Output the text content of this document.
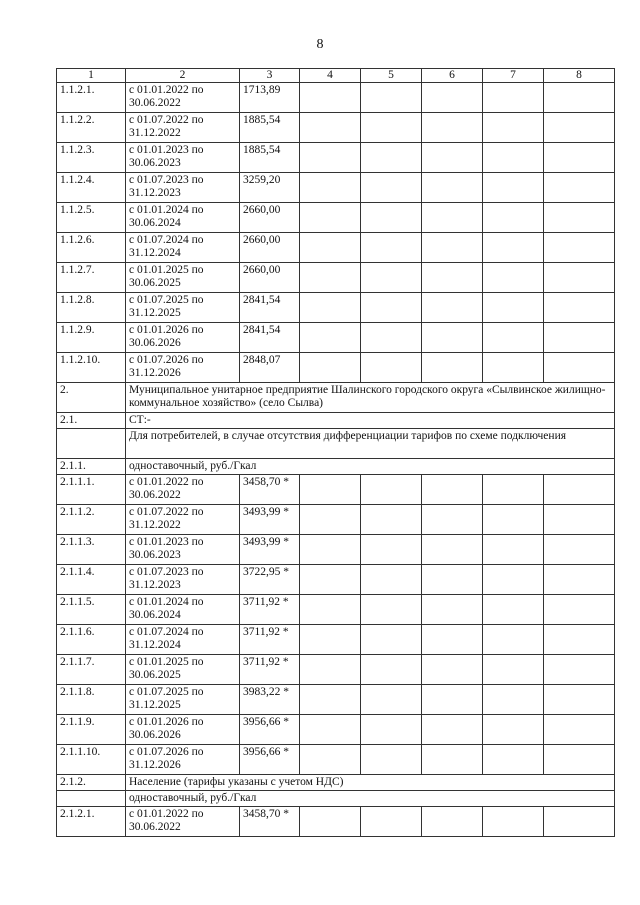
8
1	2	3	4	5	6	7	8
1.1.2.1.	с 01.01.2022 по 30.06.2022	1713,89					
1.1.2.2.	с 01.07.2022 по 31.12.2022	1885,54					
1.1.2.3.	с 01.01.2023 по 30.06.2023	1885,54					
1.1.2.4.	с 01.07.2023 по 31.12.2023	3259,20					
1.1.2.5.	с 01.01.2024 по 30.06.2024	2660,00					
1.1.2.6.	с 01.07.2024 по 31.12.2024	2660,00					
1.1.2.7.	с 01.01.2025 по 30.06.2025	2660,00					
1.1.2.8.	с 01.07.2025 по 31.12.2025	2841,54					
1.1.2.9.	с 01.01.2026 по 30.06.2026	2841,54					
1.1.2.10.	с 01.07.2026 по 31.12.2026	2848,07					
2.	Муниципальное унитарное предприятие Шалинского городского округа «Сылвинское жилищно-коммунальное хозяйство» (село Сылва)						
2.1.	СТ:-						
	Для потребителей, в случае отсутствия дифференциации тарифов по схеме подключения						
2.1.1.	одноставочный, руб./Гкал						
2.1.1.1.	с 01.01.2022 по 30.06.2022	3458,70 *					
2.1.1.2.	с 01.07.2022 по 31.12.2022	3493,99 *					
2.1.1.3.	с 01.01.2023 по 30.06.2023	3493,99 *					
2.1.1.4.	с 01.07.2023 по 31.12.2023	3722,95 *					
2.1.1.5.	с 01.01.2024 по 30.06.2024	3711,92 *					
2.1.1.6.	с 01.07.2024 по 31.12.2024	3711,92 *					
2.1.1.7.	с 01.01.2025 по 30.06.2025	3711,92 *					
2.1.1.8.	с 01.07.2025 по 31.12.2025	3983,22 *					
2.1.1.9.	с 01.01.2026 по 30.06.2026	3956,66 *					
2.1.1.10.	с 01.07.2026 по 31.12.2026	3956,66 *					
2.1.2.	Население (тарифы указаны с учетом НДС)						
	одноставочный, руб./Гкал						
2.1.2.1.	с 01.01.2022 по 30.06.2022	3458,70 *					
